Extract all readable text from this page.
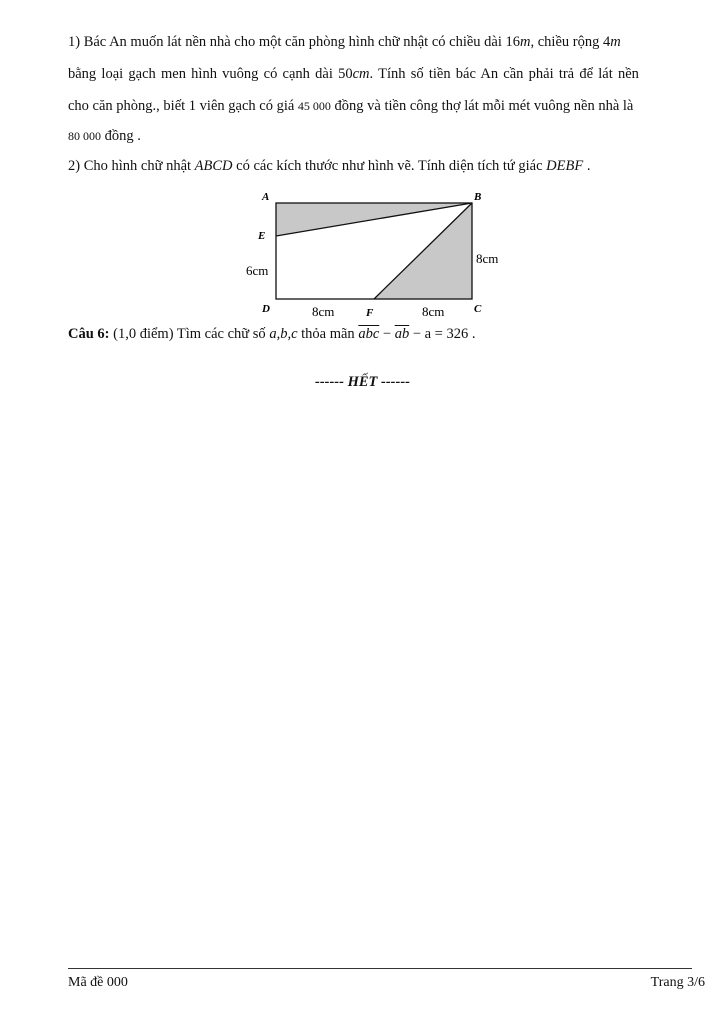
1) Bác An muốn lát nền nhà cho một căn phòng hình chữ nhật có chiều dài 16m, chiều rộng 4m
bằng loại gạch men hình vuông có cạnh dài 50cm. Tính số tiền bác An cần phải trả để lát nền
cho căn phòng., biết 1 viên gạch có giá 45 000 đồng và tiền công thợ lát mỗi mét vuông nền nhà là
80 000 đồng .
2) Cho hình chữ nhật ABCD có các kích thước như hình vẽ. Tính diện tích tứ giác DEBF .
A	B
E
D	F	C
6cm
8cm
8cm	8cm
Câu 6: (1,0 điểm) Tìm các chữ số a,b,c thỏa mãn $\overline{abc} - \overline{ab} - a = 326$ .
------ HẾT ------
Mã đề 000	Trang 3/6
